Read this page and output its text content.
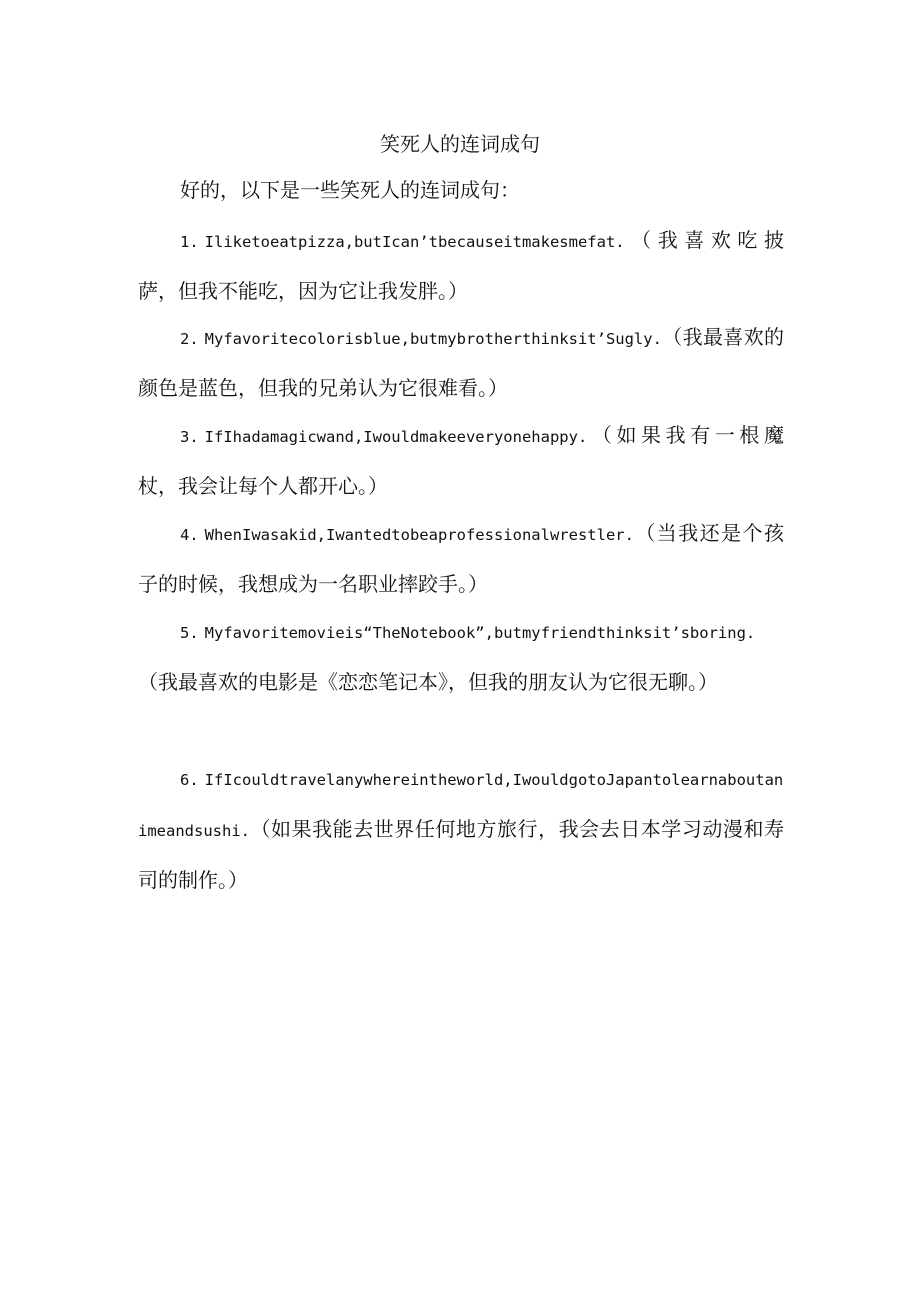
笑死人的连词成句
好的，以下是一些笑死人的连词成句：

1. Iliketoeatpizza,butIcan’tbecauseitmakesmefat.（我喜欢吃披萨，但我不能吃，因为它让我发胖。）

2. Myfavoritecolorisblue,butmybrotherthinksit’Sugly.（我最喜欢的颜色是蓝色，但我的兄弟认为它很难看。）

3. IfIhadamagicwand,Iwouldmakeeveryonehappy.（如果我有一根魔杖，我会让每个人都开心。）

4. WhenIwasakid,Iwantedtobeaprofessionalwrestler.（当我还是个孩子的时候，我想成为一名职业摔跤手。）

5. Myfavoritemovieis“TheNotebook”,butmyfriendthinksit’sboring.（我最喜欢的电影是《恋恋笔记本》，但我的朋友认为它很无聊。）

6. IfIcouldtravelanywhereintheworld,IwouldgotoJapantolearnaboutanimeandsushi.（如果我能去世界任何地方旅行，我会去日本学习动漫和寿司的制作。）
